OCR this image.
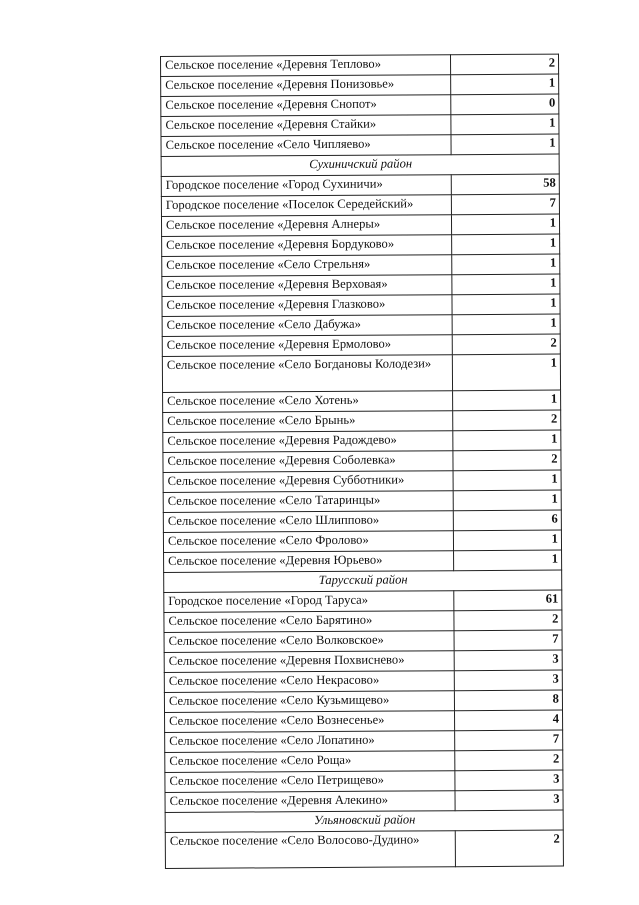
Сельское поселение «Деревня Теплово»	2
Сельское поселение «Деревня Понизовье»	1
Сельское поселение «Деревня Снопот»	0
Сельское поселение «Деревня Стайки»	1
Сельское поселение «Село Чипляево»	1
Сухиничский район	
Городское поселение «Город Сухиничи»	58
Городское поселение «Поселок Середейский»	7
Сельское поселение «Деревня Алнеры»	1
Сельское поселение «Деревня Бордуково»	1
Сельское поселение «Село Стрельня»	1
Сельское поселение «Деревня Верховая»	1
Сельское поселение «Деревня Глазково»	1
Сельское поселение «Село Дабужа»	1
Сельское поселение «Деревня Ермолово»	2
Сельское поселение «Село Богдановы Колодези»	1
Сельское поселение «Село Хотень»	1
Сельское поселение «Село Брынь»	2
Сельское поселение «Деревня Радождево»	1
Сельское поселение «Деревня Соболевка»	2
Сельское поселение «Деревня Субботники»	1
Сельское поселение «Село Татаринцы»	1
Сельское поселение «Село Шлиппово»	6
Сельское поселение «Село Фролово»	1
Сельское поселение «Деревня Юрьево»	1
Тарусский район	
Городское поселение «Город Таруса»	61
Сельское поселение «Село Барятино»	2
Сельское поселение «Село Волковское»	7
Сельское поселение «Деревня Похвиснево»	3
Сельское поселение «Село Некрасово»	3
Сельское поселение «Село Кузьмищево»	8
Сельское поселение «Село Вознесенье»	4
Сельское поселение «Село Лопатино»	7
Сельское поселение «Село Роща»	2
Сельское поселение «Село Петрищево»	3
Сельское поселение «Деревня Алекино»	3
Ульяновский район	
Сельское поселение «Село Волосово-Дудино»	2
